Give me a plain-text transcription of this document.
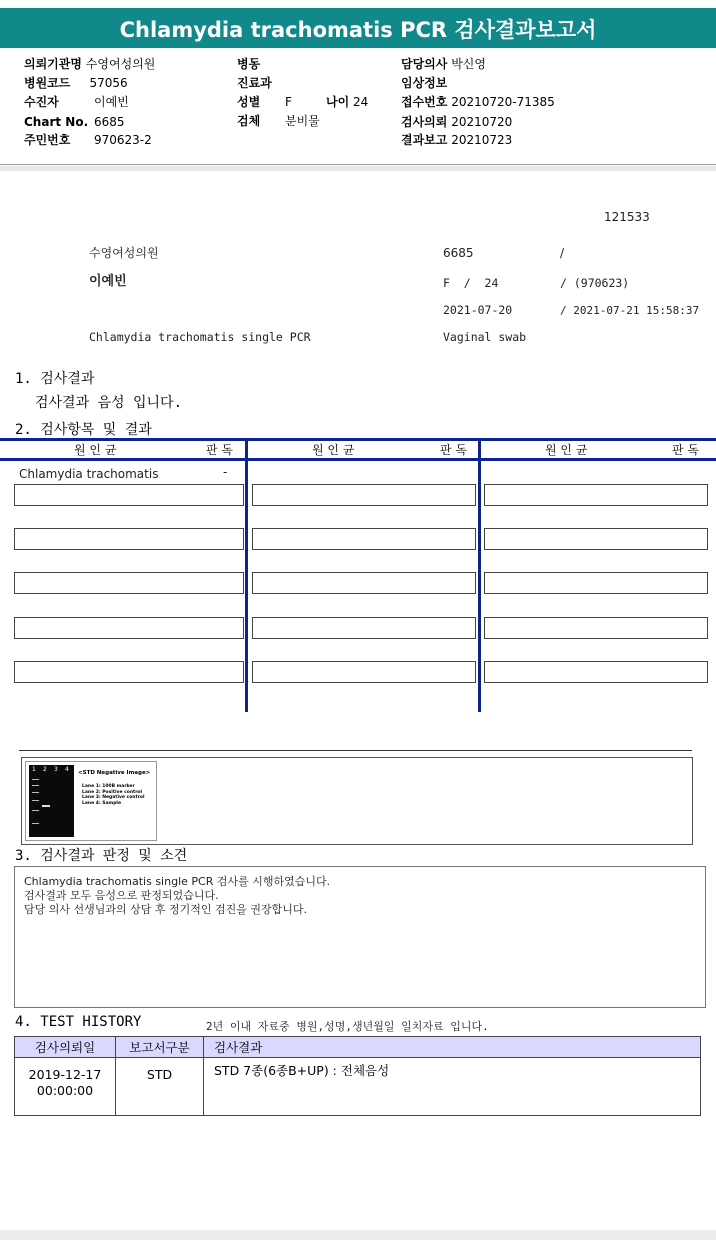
Chlamydia trachomatis PCR 검사결과보고서
의뢰기관명 수영여성의원
병원코드 57056
수진자	이예빈
Chart No. 6685
주민번호 970623-2
병동
진료과
성별 F	나이 24
검체 분비물
담당의사 박신영
임상정보
접수번호 20210720-71385
검사의뢰 20210720
결과보고 20210723
121533
수영여성의원	6685	/
이예빈	F  /  24	/ (970623)
2021-07-20	/ 2021-07-21 15:58:37
Chlamydia trachomatis single PCR	Vaginal swab
1. 검사결과
검사결과 음성 입니다.
2. 검사항목 및 결과
원 인 균	판 독	원 인 균	판 독	원 인 균	판 독
Chlamydia trachomatis	-
1 2 3 4 <STD Negative Image>
Lane 1: 100B marker
Lane 2: Positive control
Lane 3: Negative control
Lane 4: Sample
3. 검사결과 판정 및 소견
Chlamydia trachomatis single PCR 검사를 시행하였습니다.
검사결과 모두 음성으로 판정되었습니다.
담당 의사 선생님과의 상담 후 정기적인 검진을 권장합니다.
4. TEST HISTORY	2년 이내 자료중 병원,성명,생년월일 일치자료 입니다.
검사의뢰일	보고서구분	검사결과

2019-12-17
00:00:00	STD	STD 7종(6종B+UP) : 전체음성
